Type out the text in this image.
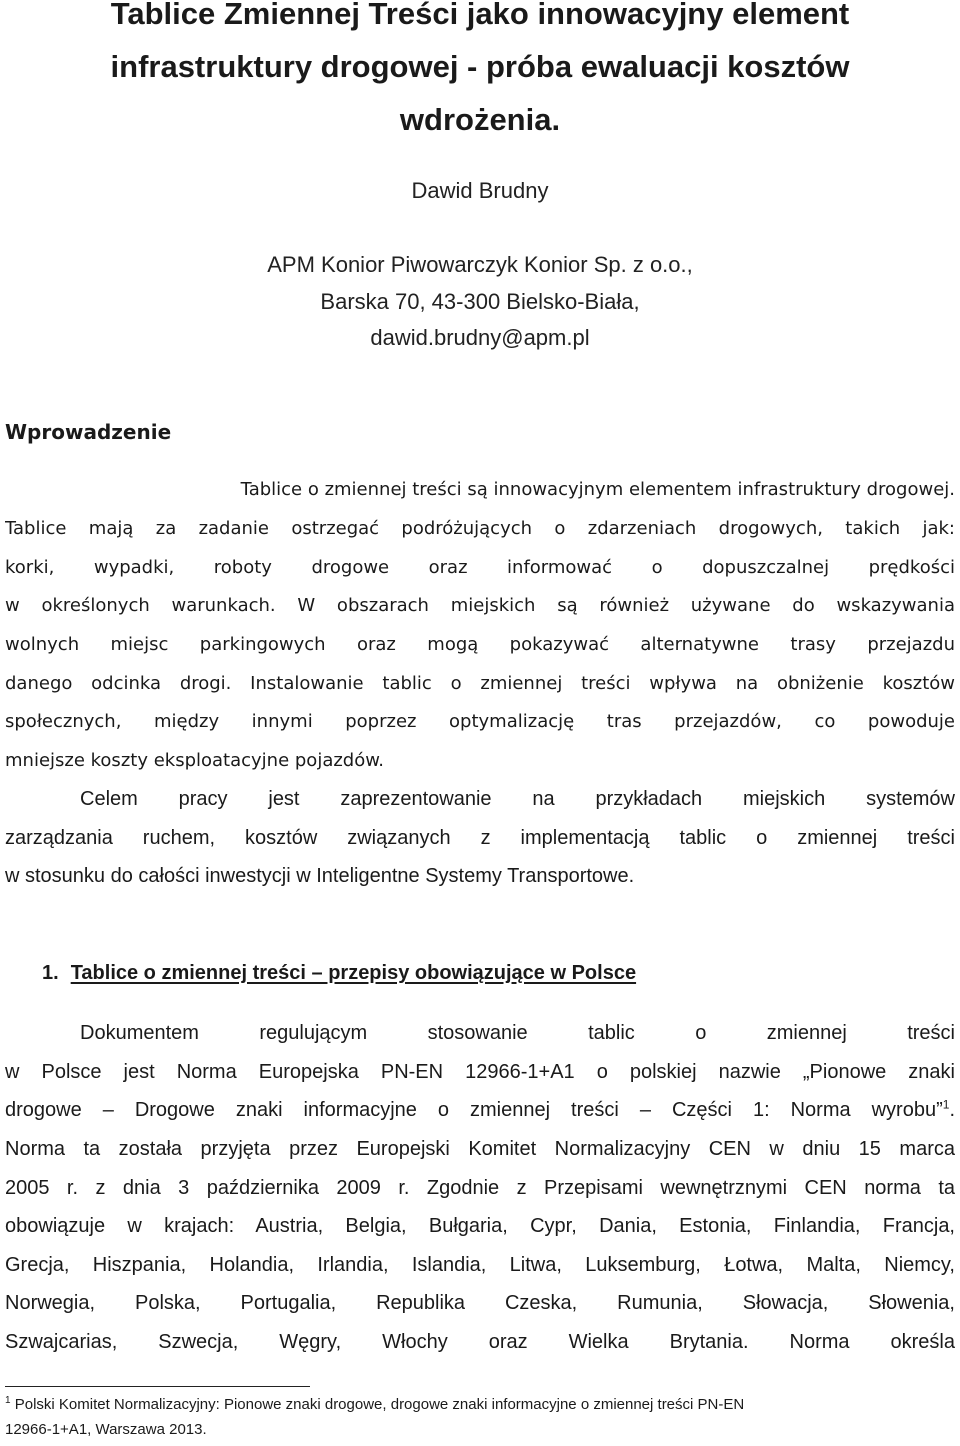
Tablice Zmiennej Treści jako innowacyjny element
infrastruktury drogowej - próba ewaluacji kosztów
wdrożenia.
Dawid Brudny
APM Konior Piwowarczyk Konior Sp. z o.o.,
Barska 70, 43-300 Bielsko-Biała,
dawid.brudny@apm.pl
Wprowadzenie
Tablice o zmiennej treści są innowacyjnym elementem infrastruktury drogowej.
Tablice mają za zadanie ostrzegać podróżujących o zdarzeniach drogowych, takich jak:
korki, wypadki, roboty drogowe oraz informować o dopuszczalnej prędkości
w określonych warunkach. W obszarach miejskich są również używane do wskazywania
wolnych miejsc parkingowych oraz mogą pokazywać alternatywne trasy przejazdu
danego odcinka drogi. Instalowanie tablic o zmiennej treści wpływa na obniżenie kosztów
społecznych, między innymi poprzez optymalizację tras przejazdów, co powoduje
mniejsze koszty eksploatacyjne pojazdów.
Celem pracy jest zaprezentowanie na przykładach miejskich systemów
zarządzania ruchem, kosztów związanych z implementacją tablic o zmiennej treści
w stosunku do całości inwestycji w Inteligentne Systemy Transportowe.
1. Tablice o zmiennej treści – przepisy obowiązujące w Polsce
Dokumentem regulującym stosowanie tablic o zmiennej treści
w Polsce jest Norma Europejska PN-EN 12966-1+A1 o polskiej nazwie „Pionowe znaki
drogowe – Drogowe znaki informacyjne o zmiennej treści – Części 1: Norma wyrobu”$^1$.
Norma ta została przyjęta przez Europejski Komitet Normalizacyjny CEN w dniu 15 marca
2005 r. z dnia 3 października 2009 r. Zgodnie z Przepisami wewnętrznymi CEN norma ta
obowiązuje w krajach: Austria, Belgia, Bułgaria, Cypr, Dania, Estonia, Finlandia, Francja,
Grecja, Hiszpania, Holandia, Irlandia, Islandia, Litwa, Luksemburg, Łotwa, Malta, Niemcy,
Norwegia, Polska, Portugalia, Republika Czeska, Rumunia, Słowacja, Słowenia,
Szwajcarias, Szwecja, Węgry, Włochy oraz Wielka Brytania. Norma określa
$^1$ Polski Komitet Normalizacyjny: Pionowe znaki drogowe, drogowe znaki informacyjne o zmiennej treści PN-EN
12966-1+A1, Warszawa 2013.
